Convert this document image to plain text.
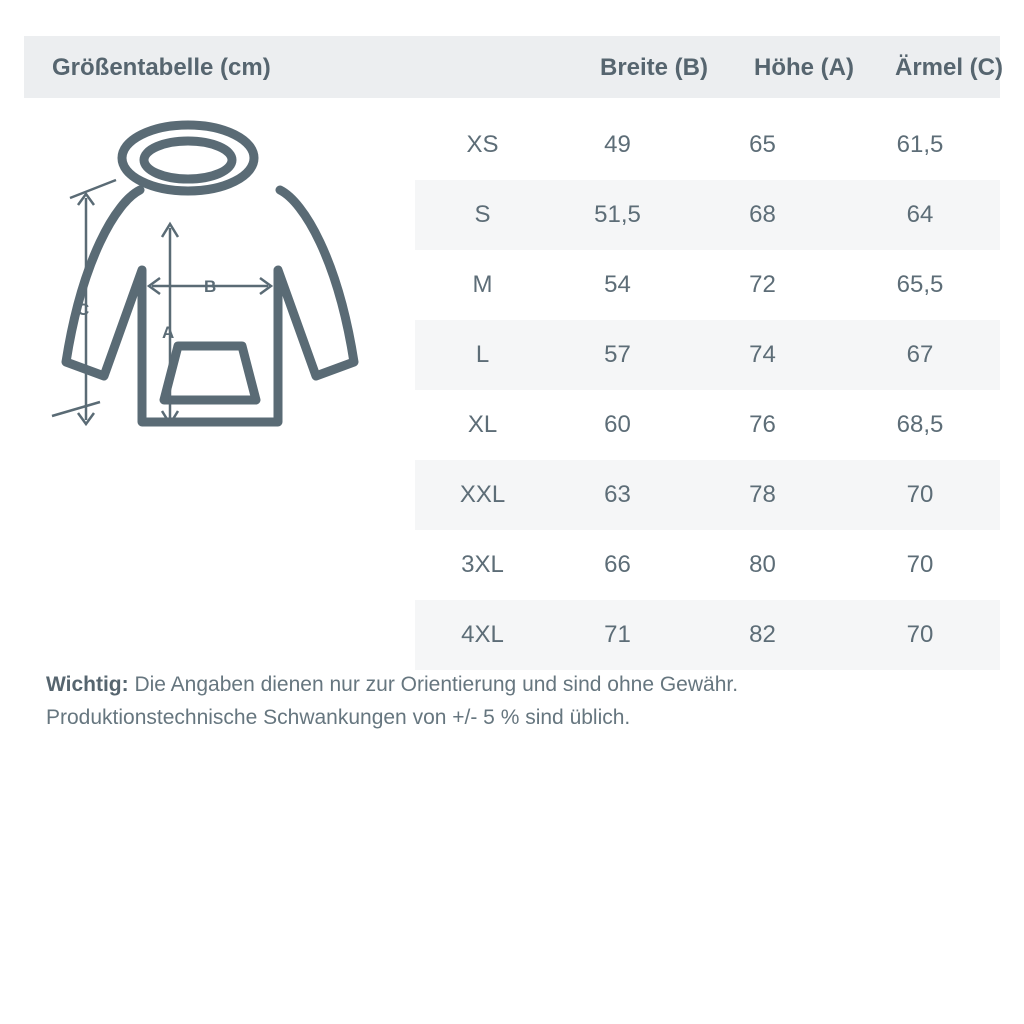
Größentabelle (cm)	Breite (B)	Höhe (A)	Ärmel (C)
C
B
A
XS	49	65	61,5
S	51,5	68	64
M	54	72	65,5
L	57	74	67
XL	60	76	68,5
XXL	63	78	70
3XL	66	80	70
4XL	71	82	70
Wichtig: Die Angaben dienen nur zur Orientierung und sind ohne Gewähr.
Produktionstechnische Schwankungen von +/- 5 % sind üblich.
